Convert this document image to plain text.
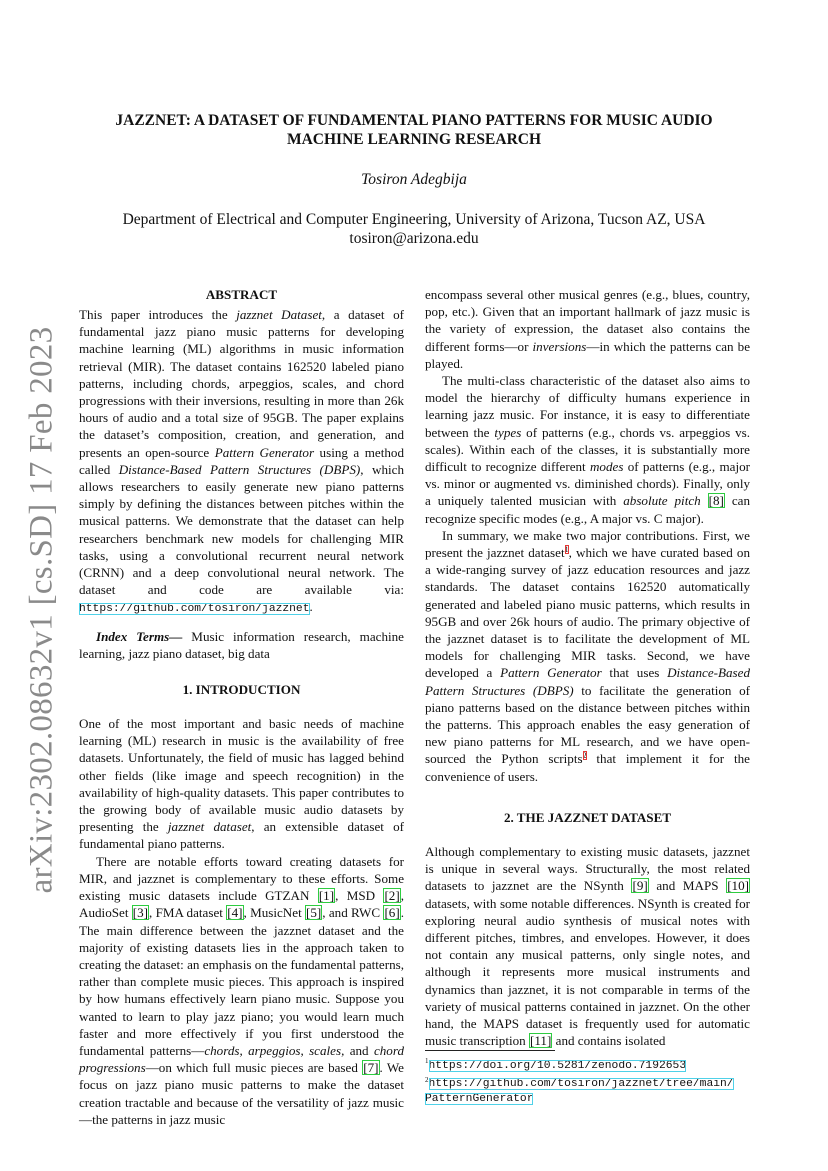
arXiv:2302.08632v1 [cs.SD] 17 Feb 2023
JAZZNET: A DATASET OF FUNDAMENTAL PIANO PATTERNS FOR MUSIC AUDIO MACHINE LEARNING RESEARCH
Tosiron Adegbija
Department of Electrical and Computer Engineering, University of Arizona, Tucson AZ, USA
tosiron@arizona.edu
ABSTRACT

This paper introduces the jazznet Dataset, a dataset of fundamental jazz piano music patterns for developing machine learning (ML) algorithms in music information retrieval (MIR). The dataset contains 162520 labeled piano patterns, including chords, arpeggios, scales, and chord progressions with their inversions, resulting in more than 26k hours of audio and a total size of 95GB. The paper explains the dataset’s composition, creation, and generation, and presents an open-source Pattern Generator using a method called Distance-Based Pattern Structures (DBPS), which allows researchers to easily generate new piano patterns simply by defining the distances between pitches within the musical patterns. We demonstrate that the dataset can help researchers benchmark new models for challenging MIR tasks, using a convolutional recurrent neural network (CRNN) and a deep convolutional neural network. The dataset and code are available via: https://github.com/tosiron/jazznet.

Index Terms— Music information research, machine learning, jazz piano dataset, big data

1. INTRODUCTION

One of the most important and basic needs of machine learning (ML) research in music is the availability of free datasets. Unfortunately, the field of music has lagged behind other fields (like image and speech recognition) in the availability of high-quality datasets. This paper contributes to the growing body of available music audio datasets by presenting the jazznet dataset, an extensible dataset of fundamental piano patterns.

There are notable efforts toward creating datasets for MIR, and jazznet is complementary to these efforts. Some existing music datasets include GTZAN [1], MSD [2], AudioSet [3], FMA dataset [4], MusicNet [5], and RWC [6]. The main difference between the jazznet dataset and the majority of existing datasets lies in the approach taken to creating the dataset: an emphasis on the fundamental patterns, rather than complete music pieces. This approach is inspired by how humans effectively learn piano music. Suppose you wanted to learn to play jazz piano; you would learn much faster and more effectively if you first understood the fundamental patterns—chords, arpeggios, scales, and chord progressions—on which full music pieces are based [7]. We focus on jazz piano music patterns to make the dataset creation tractable and because of the versatility of jazz music—the patterns in jazz music

encompass several other musical genres (e.g., blues, country, pop, etc.). Given that an important hallmark of jazz music is the variety of expression, the dataset also contains the different forms—or inversions—in which the patterns can be played.

The multi-class characteristic of the dataset also aims to model the hierarchy of difficulty humans experience in learning jazz music. For instance, it is easy to differentiate between the types of patterns (e.g., chords vs. arpeggios vs. scales). Within each of the classes, it is substantially more difficult to recognize different modes of patterns (e.g., major vs. minor or augmented vs. diminished chords). Finally, only a uniquely talented musician with absolute pitch [8] can recognize specific modes (e.g., A major vs. C major).

In summary, we make two major contributions. First, we present the jazznet dataset$^1$, which we have curated based on a wide-ranging survey of jazz education resources and jazz standards. The dataset contains 162520 automatically generated and labeled piano music patterns, which results in 95GB and over 26k hours of audio. The primary objective of the jazznet dataset is to facilitate the development of ML models for challenging MIR tasks. Second, we have developed a Pattern Generator that uses Distance-Based Pattern Structures (DBPS) to facilitate the generation of piano patterns based on the distance between pitches within the patterns. This approach enables the easy generation of new piano patterns for ML research, and we have open-sourced the Python scripts$^2$ that implement it for the convenience of users.

2. THE JAZZNET DATASET

Although complementary to existing music datasets, jazznet is unique in several ways. Structurally, the most related datasets to jazznet are the NSynth [9] and MAPS [10] datasets, with some notable differences. NSynth is created for exploring neural audio synthesis of musical notes with different pitches, timbres, and envelopes. However, it does not contain any musical patterns, only single notes, and although it represents more musical instruments and dynamics than jazznet, it is not comparable in terms of the variety of musical patterns contained in jazznet. On the other hand, the MAPS dataset is frequently used for automatic music transcription [11] and contains isolated

$^1$https://doi.org/10.5281/zenodo.7192653

$^2$https://github.com/tosiron/jazznet/tree/main/
PatternGenerator
